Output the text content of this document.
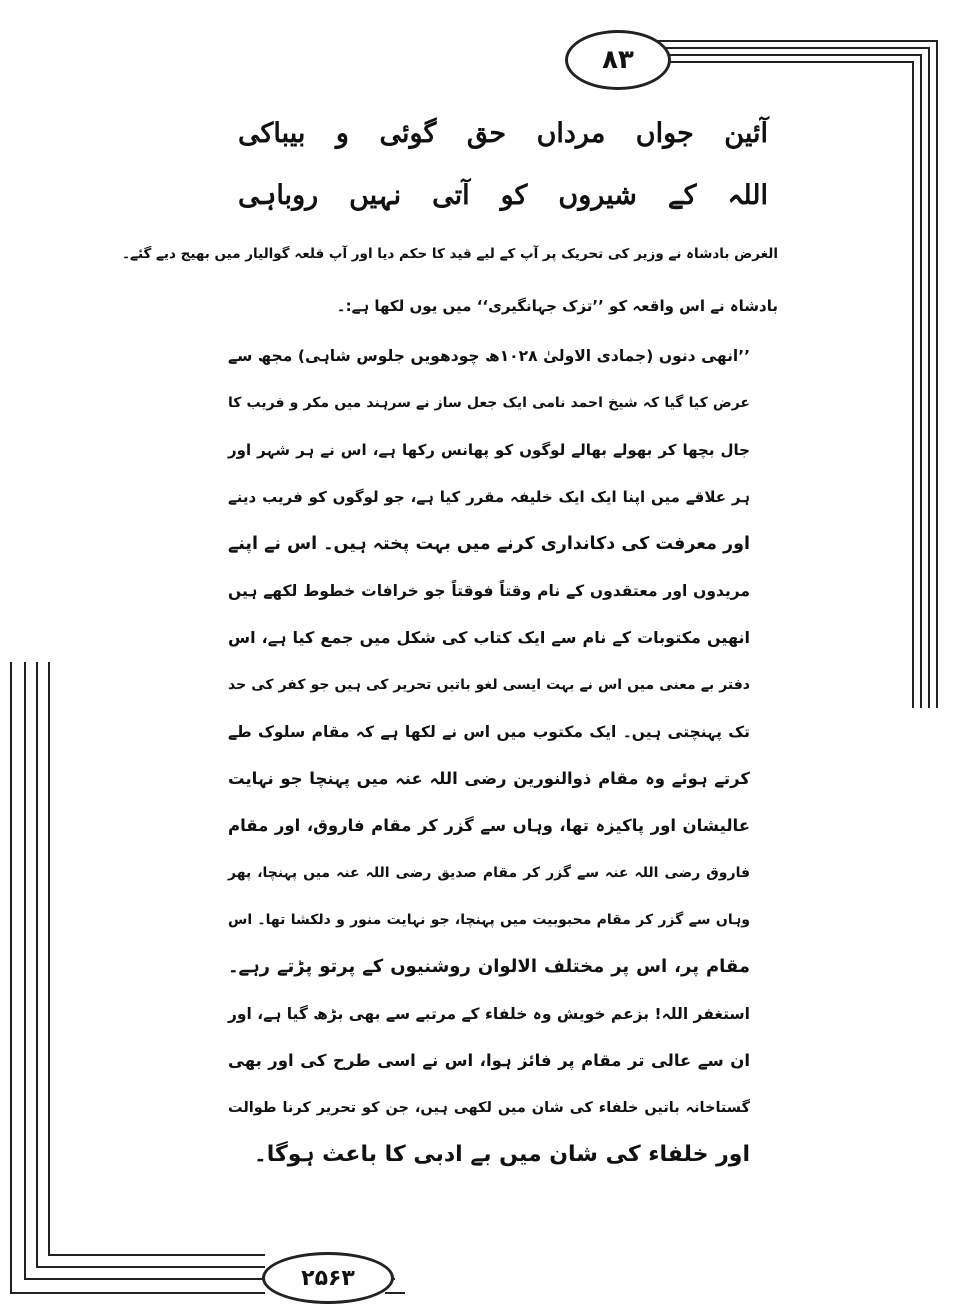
۸۳
۲۵۶۳
آئین
جواں
مرداں
حق
گوئی
و
بیباکی
اللہ
کے
شیروں
کو
آتی
نہیں
روباہی
الغرض بادشاہ نے وزیر کی تحریک پر آپ کے لیے قید کا حکم دیا اور آپ قلعہ گوالیار میں بھیج دیے گئے۔
بادشاہ نے اس واقعہ کو ’’تزک جہانگیری‘‘ میں یوں لکھا ہے:۔
’’انھی دنوں (جمادی الاولیٰ ۱۰۲۸ھ چودھویں جلوس شاہی) مجھ سے
عرض کیا گیا کہ شیخ احمد نامی ایک جعل ساز نے سرہند میں مکر و فریب کا
جال بچھا کر بھولے بھالے لوگوں کو پھانس رکھا ہے، اس نے ہر شہر اور
ہر علاقے میں اپنا ایک ایک خلیفہ مقرر کیا ہے، جو لوگوں کو فریب دینے
اور معرفت کی دکانداری کرنے میں بہت پختہ ہیں۔ اس نے اپنے
مریدوں اور معتقدوں کے نام وقتاً فوقتاً جو خرافات خطوط لکھے ہیں
انھیں مکتوبات کے نام سے ایک کتاب کی شکل میں جمع کیا ہے، اس
دفتر بے معنی میں اس نے بہت ایسی لغو باتیں تحریر کی ہیں جو کفر کی حد
تک پہنچتی ہیں۔ ایک مکتوب میں اس نے لکھا ہے کہ مقام سلوک طے
کرتے ہوئے وہ مقام ذوالنورین رضی اللہ عنہ میں پہنچا جو نہایت
عالیشان اور پاکیزہ تھا، وہاں سے گزر کر مقام فاروق، اور مقام
فاروق رضی اللہ عنہ سے گزر کر مقام صدیق رضی اللہ عنہ میں پہنچا، پھر
وہاں سے گزر کر مقام محبوبیت میں پہنچا، جو نہایت منور و دلکشا تھا۔ اس
مقام پر، اس پر مختلف الالوان روشنیوں کے پرتو پڑتے رہے۔
استغفر اللہ! بزعم خویش وہ خلفاء کے مرتبے سے بھی بڑھ گیا ہے، اور
ان سے عالی تر مقام پر فائز ہوا، اس نے اسی طرح کی اور بھی
گستاخانہ باتیں خلفاء کی شان میں لکھی ہیں، جن کو تحریر کرنا طوالت
اور خلفاء کی شان میں بے ادبی کا باعث ہوگا۔
